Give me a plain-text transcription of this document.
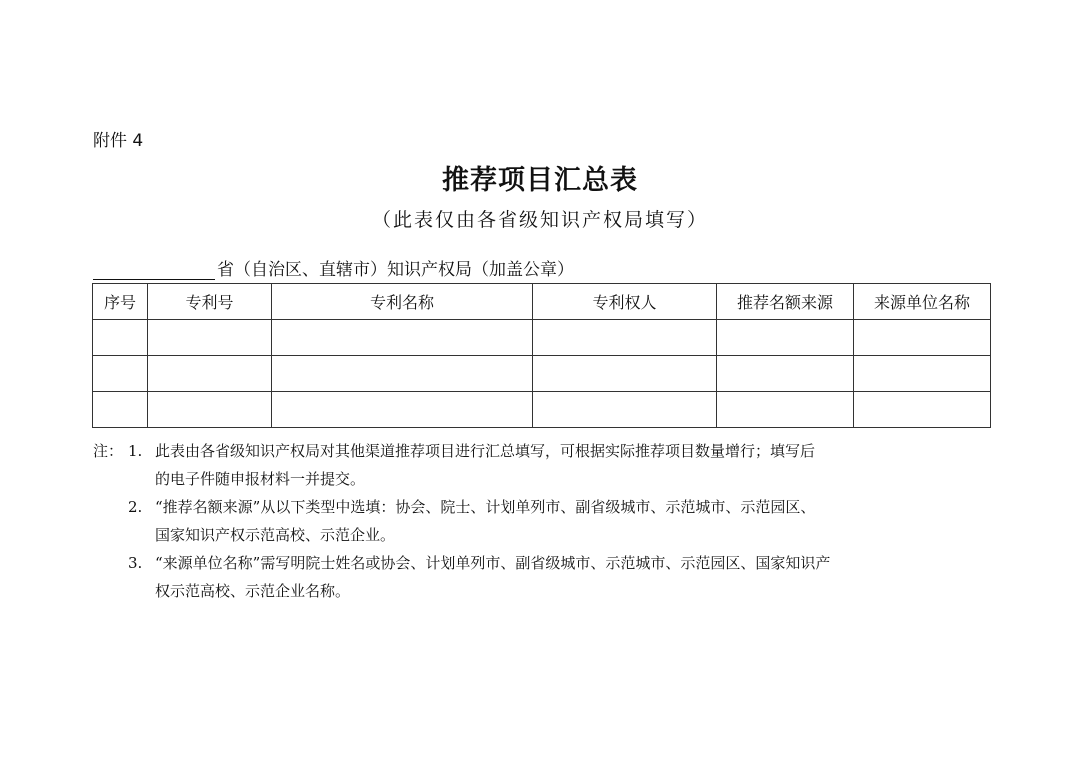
附件 4
推荐项目汇总表
（此表仅由各省级知识产权局填写）
省（自治区、直辖市）知识产权局（加盖公章）
序号	专利号	专利名称	专利权人	推荐名额来源	来源单位名称

注： 1. 此表由各省级知识产权局对其他渠道推荐项目进行汇总填写，可根据实际推荐项目数量增行；填写后
的电子件随申报材料一并提交。
2. “推荐名额来源”从以下类型中选填：协会、院士、计划单列市、副省级城市、示范城市、示范园区、
国家知识产权示范高校、示范企业。
3. “来源单位名称”需写明院士姓名或协会、计划单列市、副省级城市、示范城市、示范园区、国家知识产
权示范高校、示范企业名称。
